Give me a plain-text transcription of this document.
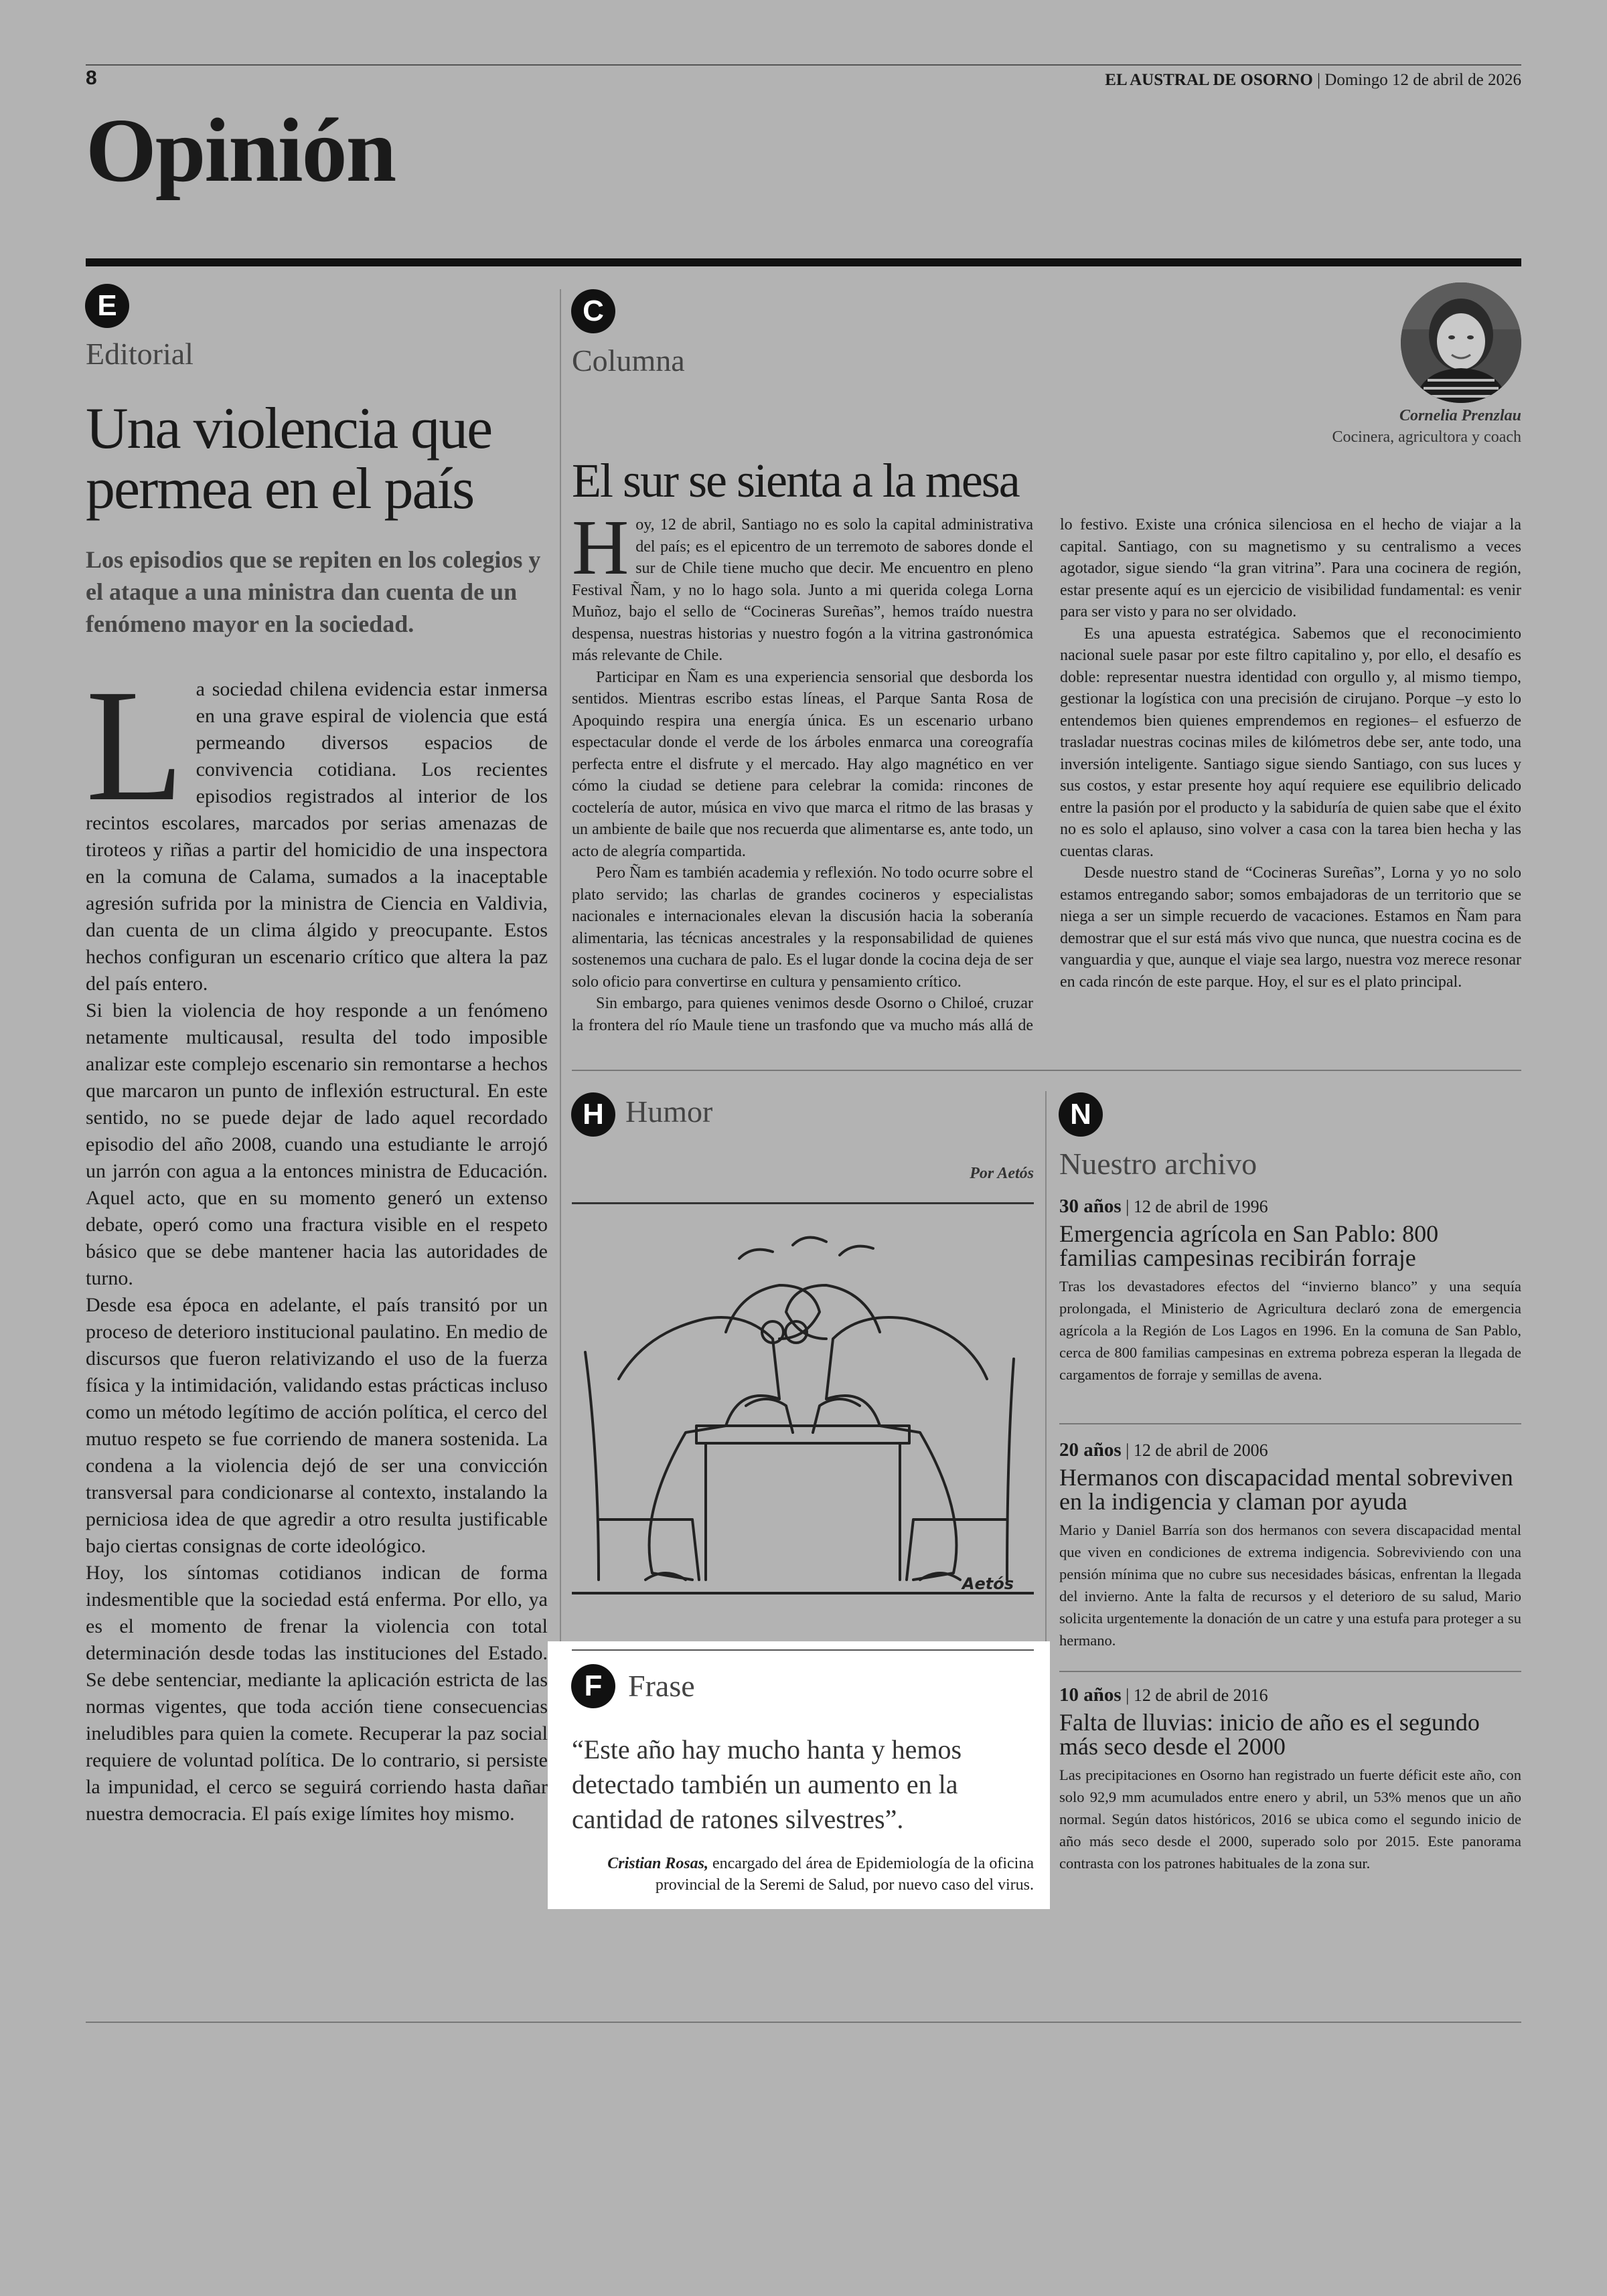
8	EL AUSTRAL DE OSORNO | Domingo 12 de abril de 2026
Opinión
E
Editorial
Una violencia que permea en el país
Los episodios que se repiten en los colegios y el ataque a una ministra dan cuenta de un fenómeno mayor en la sociedad.
L a sociedad chilena evidencia estar inmersa en una grave espiral de violencia que está permeando diversos espacios de convivencia cotidiana. Los recientes episodios registrados al interior de los recintos escolares, marcados por serias amenazas de tiroteos y riñas a partir del homicidio de una inspectora en la comuna de Calama, sumados a la inaceptable agresión sufrida por la ministra de Ciencia en Valdivia, dan cuenta de un clima álgido y preocupante. Estos hechos configuran un escenario crítico que altera la paz del país entero.

Si bien la violencia de hoy responde a un fenómeno netamente multicausal, resulta del todo imposible analizar este complejo escenario sin remontarse a hechos que marcaron un punto de inflexión estructural. En este sentido, no se puede dejar de lado aquel recordado episodio del año 2008, cuando una estudiante le arrojó un jarrón con agua a la entonces ministra de Educación. Aquel acto, que en su momento generó un extenso debate, operó como una fractura visible en el respeto básico que se debe mantener hacia las autoridades de turno.

Desde esa época en adelante, el país transitó por un proceso de deterioro institucional paulatino. En medio de discursos que fueron relativizando el uso de la fuerza física y la intimidación, validando estas prácticas incluso como un método legítimo de acción política, el cerco del mutuo respeto se fue corriendo de manera sostenida. La condena a la violencia dejó de ser una convicción transversal para condicionarse al contexto, instalando la perniciosa idea de que agredir a otro resulta justificable bajo ciertas consignas de corte ideológico.

Hoy, los síntomas cotidianos indican de forma indesmentible que la sociedad está enferma. Por ello, ya es el momento de frenar la violencia con total determinación desde todas las instituciones del Estado. Se debe sentenciar, mediante la aplicación estricta de las normas vigentes, que toda acción tiene consecuencias ineludibles para quien la comete. Recuperar la paz social requiere de voluntad política. De lo contrario, si persiste la impunidad, el cerco se seguirá corriendo hasta dañar nuestra democracia. El país exige límites hoy mismo.

C
Columna
Cornelia Prenzlau
Cocinera, agricultora y coach
El sur se sienta a la mesa

Hoy, 12 de abril, Santiago no es solo la capital administrativa del país; es el epicentro de un terremoto de sabores donde el sur de Chile tiene mucho que decir. Me encuentro en pleno Festival Ñam, y no lo hago sola. Junto a mi querida colega Lorna Muñoz, bajo el sello de “Cocineras Sureñas”, hemos traído nuestra despensa, nuestras historias y nuestro fogón a la vitrina gastronómica más relevante de Chile.

Participar en Ñam es una experiencia sensorial que desborda los sentidos. Mientras escribo estas líneas, el Parque Santa Rosa de Apoquindo respira una energía única. Es un escenario urbano espectacular donde el verde de los árboles enmarca una coreografía perfecta entre el disfrute y el mercado. Hay algo magnético en ver cómo la ciudad se detiene para celebrar la comida: rincones de coctelería de autor, música en vivo que marca el ritmo de las brasas y un ambiente de baile que nos recuerda que alimentarse es, ante todo, un acto de alegría compartida.

Pero Ñam es también academia y reflexión. No todo ocurre sobre el plato servido; las charlas de grandes cocineros y especialistas nacionales e internacionales elevan la discusión hacia la soberanía alimentaria, las técnicas ancestrales y la responsabilidad de quienes sostenemos una cuchara de palo. Es el lugar donde la cocina deja de ser solo oficio para convertirse en cultura y pensamiento crítico.

Sin embargo, para quienes venimos desde Osorno o Chiloé, cruzar la frontera del río Maule tiene un trasfondo que va mucho más allá de lo festivo. Existe una crónica silenciosa en el hecho de viajar a la capital. Santiago, con su magnetismo y su centralismo a veces agotador, sigue siendo “la gran vitrina”. Para una cocinera de región, estar presente aquí es un ejercicio de visibilidad fundamental: es venir para ser visto y para no ser olvidado.

Es una apuesta estratégica. Sabemos que el reconocimiento nacional suele pasar por este filtro capitalino y, por ello, el desafío es doble: representar nuestra identidad con orgullo y, al mismo tiempo, gestionar la logística con una precisión de cirujano. Porque –y esto lo entendemos bien quienes emprendemos en regiones– el esfuerzo de trasladar nuestras cocinas miles de kilómetros debe ser, ante todo, una inversión inteligente. Santiago sigue siendo Santiago, con sus luces y sus costos, y estar presente hoy aquí requiere ese equilibrio delicado entre la pasión por el producto y la sabiduría de quien sabe que el éxito no es solo el aplauso, sino volver a casa con la tarea bien hecha y las cuentas claras.

Desde nuestro stand de “Cocineras Sureñas”, Lorna y yo no solo estamos entregando sabor; somos embajadoras de un territorio que se niega a ser un simple recuerdo de vacaciones. Estamos en Ñam para demostrar que el sur está más vivo que nunca, que nuestra cocina es de vanguardia y que, aunque el viaje sea largo, nuestra voz merece resonar en cada rincón de este parque. Hoy, el sur es el plato principal.

H Humor
Por Aetós
Aetós
F Frase
“Este año hay mucho hanta y hemos detectado también un aumento en la cantidad de ratones silvestres”.
Cristian Rosas, encargado del área de Epidemiología de la oficina provincial de la Seremi de Salud, por nuevo caso del virus.
N
Nuestro archivo
30 años | 12 de abril de 1996
Emergencia agrícola en San Pablo: 800 familias campesinas recibirán forraje
Tras los devastadores efectos del “invierno blanco” y una sequía prolongada, el Ministerio de Agricultura declaró zona de emergencia agrícola a la Región de Los Lagos en 1996. En la comuna de San Pablo, cerca de 800 familias campesinas en extrema pobreza esperan la llegada de cargamentos de forraje y semillas de avena.
20 años | 12 de abril de 2006
Hermanos con discapacidad mental sobreviven en la indigencia y claman por ayuda
Mario y Daniel Barría son dos hermanos con severa discapacidad mental que viven en condiciones de extrema indigencia. Sobreviviendo con una pensión mínima que no cubre sus necesidades básicas, enfrentan la llegada del invierno. Ante la falta de recursos y el deterioro de su salud, Mario solicita urgentemente la donación de un catre y una estufa para proteger a su hermano.
10 años | 12 de abril de 2016
Falta de lluvias: inicio de año es el segundo más seco desde el 2000
Las precipitaciones en Osorno han registrado un fuerte déficit este año, con solo 92,9 mm acumulados entre enero y abril, un 53% menos que un año normal. Según datos históricos, 2016 se ubica como el segundo inicio de año más seco desde el 2000, superado solo por 2015. Este panorama contrasta con los patrones habituales de la zona sur.
